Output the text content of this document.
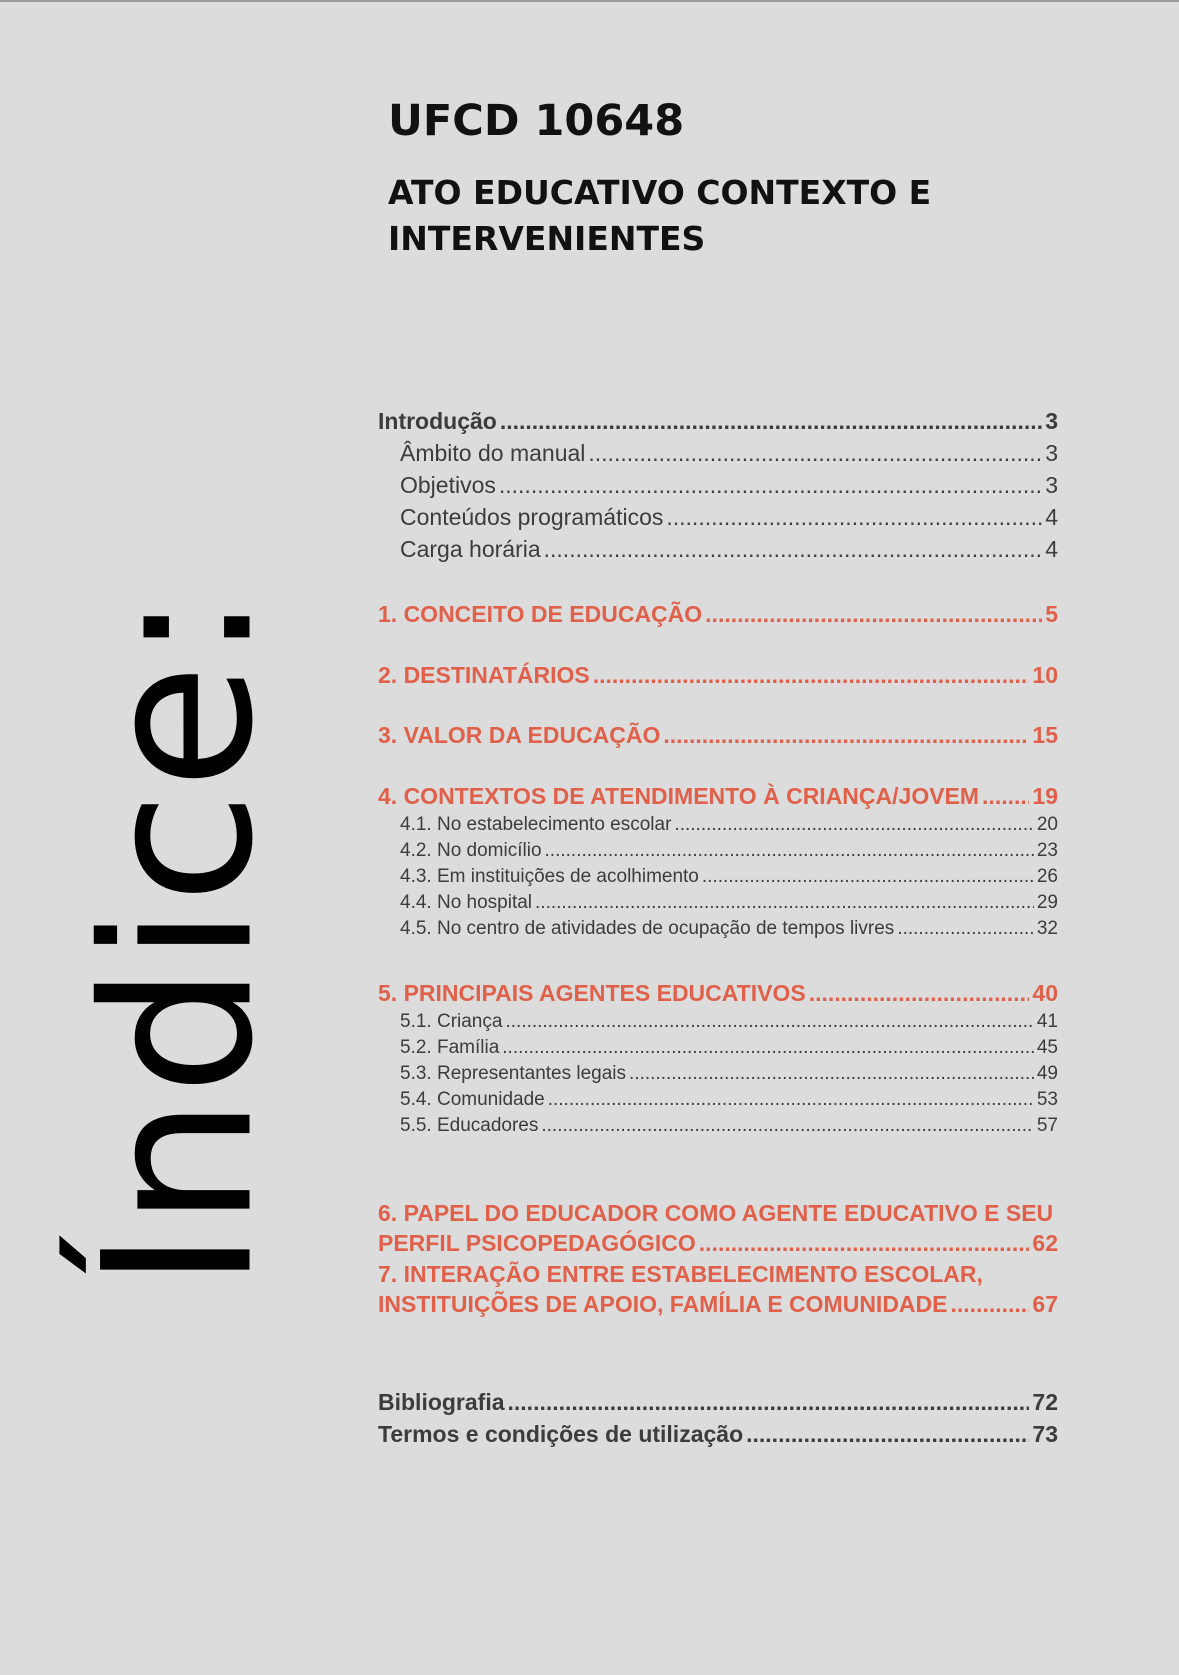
UFCD 10648
ATO EDUCATIVO CONTEXTO E
INTERVENIENTES
Índice:
Introdução .....	3
Âmbito do manual .....	3
Objetivos .....	3
Conteúdos programáticos .....	4
Carga horária .....	4
1. CONCEITO DE EDUCAÇÃO .....	5
2. DESTINATÁRIOS .....	10
3. VALOR DA EDUCAÇÃO .....	15
4. CONTEXTOS DE ATENDIMENTO À CRIANÇA/JOVEM ..... 19
4.1. No estabelecimento escolar .....	20
4.2. No domicílio .....	23
4.3. Em instituições de acolhimento .....	26
4.4. No hospital .....	29
4.5. No centro de atividades de ocupação de tempos livres .....	32
5. PRINCIPAIS AGENTES EDUCATIVOS .....	40
5.1. Criança .....	41
5.2. Família .....	45
5.3. Representantes legais .....	49
5.4. Comunidade .....	53
5.5. Educadores .....	57
6. PAPEL DO EDUCADOR COMO AGENTE EDUCATIVO E SEU
PERFIL PSICOPEDAGÓGICO .....	62
7. INTERAÇÃO ENTRE ESTABELECIMENTO ESCOLAR,
INSTITUIÇÕES DE APOIO, FAMÍLIA E COMUNIDADE .....	67
Bibliografia .....	72
Termos e condições de utilização .....	73
